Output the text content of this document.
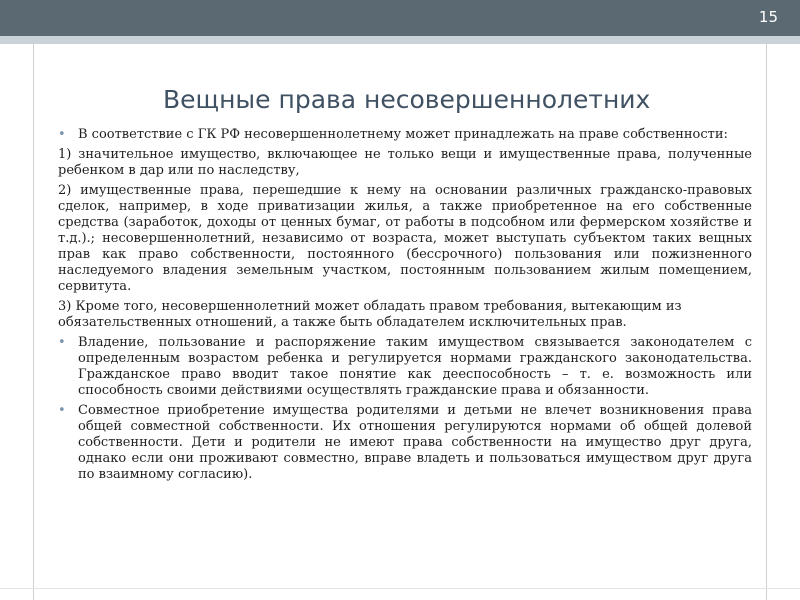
15
Вещные права несовершеннолетних
• В соответствие с ГК РФ несовершеннолетнему может принадлежать на праве собственности:

1) значительное имущество, включающее не только вещи и имущественные права, полученные ребенком в дар или по наследству,

2) имущественные права, перешедшие к нему на основании различных гражданско-правовых сделок, например, в ходе приватизации жилья, а также приобретенное на его собственные средства (заработок, доходы от ценных бумаг, от работы в подсобном или фермерском хозяйстве и т.д.).; несовершеннолетний, независимо от возраста, может выступать субъектом таких вещных прав как право собственности, постоянного (бессрочного) пользования или пожизненного наследуемого владения земельным участком, постоянным пользованием жилым помещением, сервитута.

3) Кроме того, несовершеннолетний может обладать правом требования, вытекающим из обязательственных отношений, а также быть обладателем исключительных прав.

• Владение, пользование и распоряжение таким имуществом связывается законодателем с определенным возрастом ребенка и регулируется нормами гражданского законодательства. Гражданское право вводит такое понятие как дееспособность – т. е. возможность или способность своими действиями осуществлять гражданские права и обязанности.
• Совместное приобретение имущества родителями и детьми не влечет возникновения права общей совместной собственности. Их отношения регулируются нормами об общей долевой собственности. Дети и родители не имеют права собственности на имущество друг друга, однако если они проживают совместно, вправе владеть и пользоваться имуществом друг друга по взаимному согласию).
